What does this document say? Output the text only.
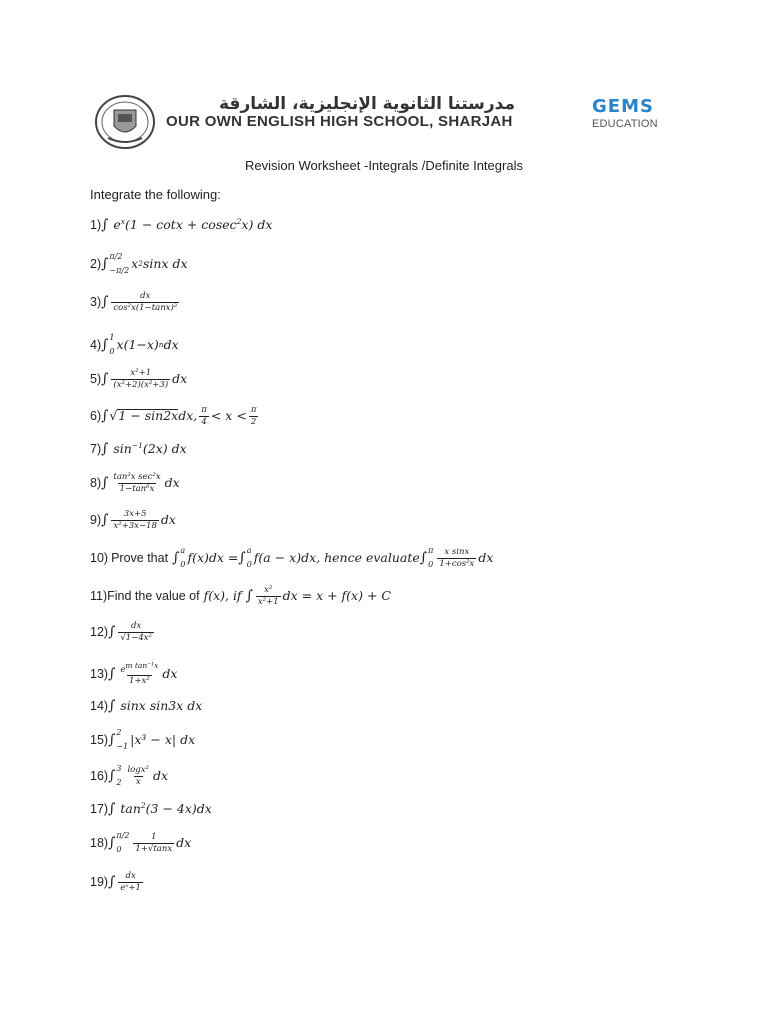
مدرستنا الثانوية الإنجليزية، الشارقة
OUR OWN ENGLISH HIGH SCHOOL, SHARJAH
GEMS
EDUCATION
Revision Worksheet -Integrals /Definite Integrals
Integrate the following:
1) ∫ $e^x(1 - \cot x + cosec^2x)$ dx
2) ∫ π/2
−π/2 x 2 sinx dx
3) ∫ $\frac{dx}{\text{cos²x(1−tanx)²}}$
4) ∫ 1
0 x(1−x) n dx
5) ∫ $\frac{\text{x²+1}}{\text{(x²+2)(x²+3)}}$ dx
6) ∫ √ 1 − sin2x dx, $\frac{\pi}{4} < x < \frac{\pi}{2}$
7) ∫ $\sin^{-1}(2x)$ dx
8) ∫ $\frac{\text{tan²x sec²x}}{\text{1−tan⁶x}}$ dx
9) ∫ $\frac{3x+5}{\text{x²+3x−18}}$ dx
10) Prove that ∫ a
0 f(x)dx = ∫ a
0 f(a − x)dx, hence evaluate ∫ π
$0 \frac{\text{x sinx}}{\text{1+cos²x}}$ dx
11) Find the value of f(x), if ∫ $\frac{\text{x²}}{\text{x²+1}}$ dx = x + f(x) + C
12) ∫ $\frac{dx}{\text{√1−4x²}}$
13) ∫ $\frac{e^{m tan^{-1}x}}{\text{1+x²}}$ dx
14) ∫ sinx sin3x dx
15) ∫ 2
−1 |x³ − x| dx
16) ∫ 3
$2 \frac{\text{logx²}}{x}$ dx
17) ∫ $\tan^2(3 - 4x)dx$
18) ∫ π/2
0	$\frac{1}{1+√\tan x}$ dx
19) ∫ $\frac{dx}{\text{eˣ+1}}$
